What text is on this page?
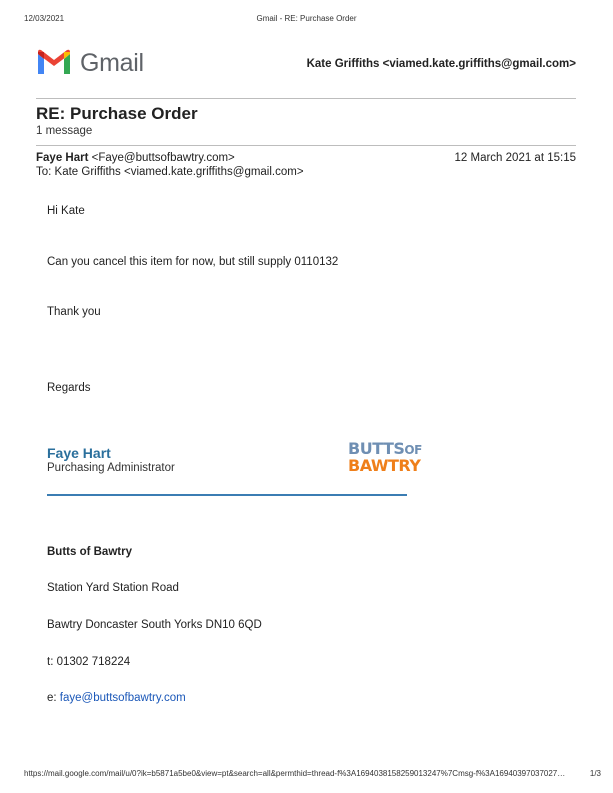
12/03/2021	Gmail - RE: Purchase Order
Gmail	Kate Griffiths <viamed.kate.griffiths@gmail.com>
RE: Purchase Order
1 message
Faye Hart <Faye@buttsofbawtry.com>	12 March 2021 at 15:15
To: Kate Griffiths <viamed.kate.griffiths@gmail.com>
Hi Kate
Can you cancel this item for now, but still supply 0110132
Thank you
Regards
Faye Hart
Purchasing Administrator
BUTTSOF
BAWTRY
Butts of Bawtry
Station Yard Station Road
Bawtry Doncaster South Yorks DN10 6QD
t: 01302 718224
e: faye@buttsofbawtry.com
https://mail.google.com/mail/u/0?ik=b5871a5be0&view=pt&search=all&permthid=thread-f%3A1694038158259013247%7Cmsg-f%3A1694039703702​7…	1/3
